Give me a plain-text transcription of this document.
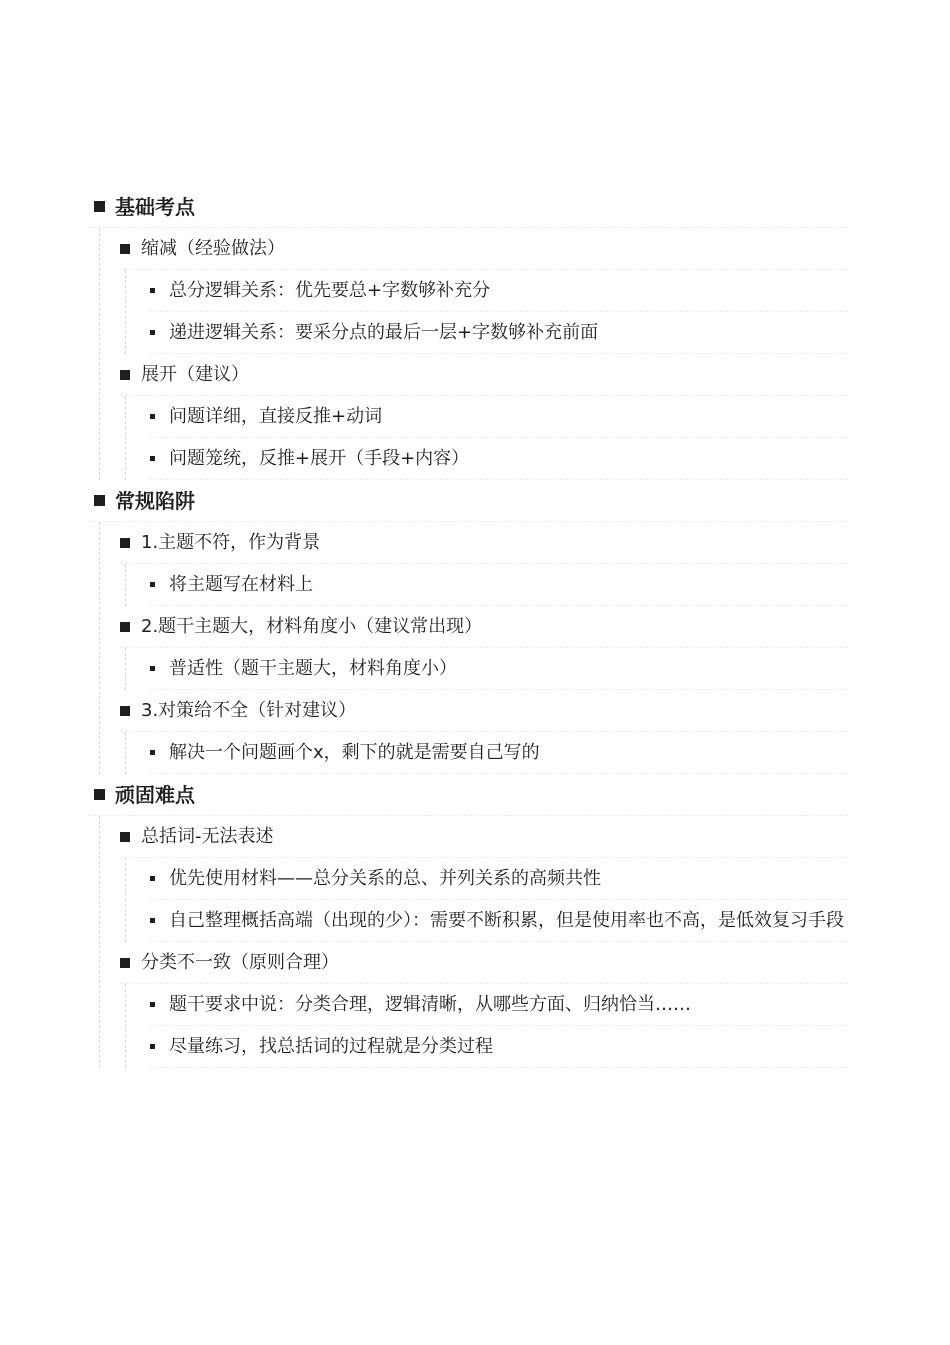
基础考点
缩减（经验做法）
总分逻辑关系：优先要总+字数够补充分
递进逻辑关系：要采分点的最后一层+字数够补充前面
展开（建议）
问题详细，直接反推+动词
问题笼统，反推+展开（手段+内容）
常规陷阱
1.主题不符，作为背景
将主题写在材料上
2.题干主题大，材料角度小（建议常出现）
普适性（题干主题大，材料角度小）
3.对策给不全（针对建议）
解决一个问题画个x，剩下的就是需要自己写的
顽固难点
总括词-无法表述
优先使用材料——总分关系的总、并列关系的高频共性
自己整理概括高端（出现的少）：需要不断积累，但是使用率也不高，是低效复习手段
分类不一致（原则合理）
题干要求中说：分类合理，逻辑清晰，从哪些方面、归纳恰当……
尽量练习，找总括词的过程就是分类过程
